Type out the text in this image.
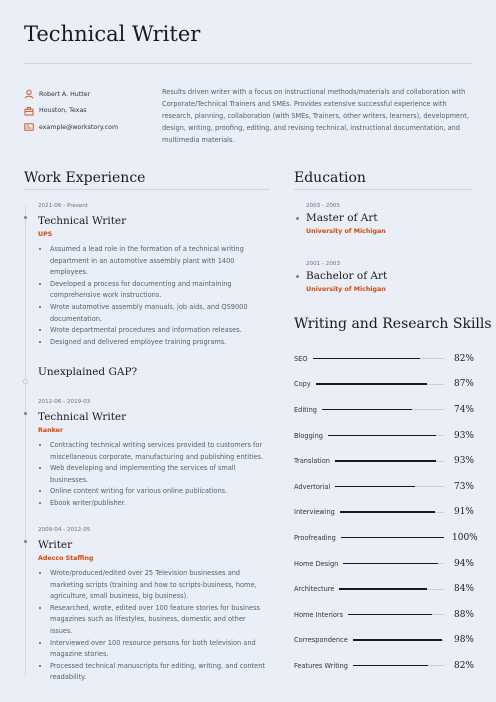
Technical Writer
Robert A. Hutter
Houston, Texas
example@workstory.com
Results driven writer with a focus on instructional methods/materials and collaboration with Corporate/Technical Trainers and SMEs. Provides extensive successful experience with research, planning, collaboration (with SMEs, Trainers, other writers, learners), development, design, writing, proofing, editing, and revising technical, instructional documentation, and multimedia materials.
Work Experience
2021-06 - Present
Technical Writer
UPS
• Assumed a lead role in the formation of a technical writing department in an automotive assembly plant with 1400 employees.
• Developed a process for documenting and maintaining comprehensive work instructions.
• Wrote automotive assembly manuals, job aids, and QS9000 documentation.
• Wrote departmental procedures and information releases.
• Designed and delivered employee training programs.
Unexplained GAP?
2012-06 - 2019-03
Technical Writer
Ranker
• Contracting technical writing services provided to customers for miscellaneous corporate, manufacturing and publishing entities.
• Web developing and implementing the services of small businesses.
• Online content writing for various online publications.
• Ebook writer/publisher.
2009-04 - 2012-05
Writer
Adecco Staffing
• Wrote/produced/edited over 25 Television businesses and marketing scripts (training and how to scripts-business, home, agriculture, small business, big business).
• Researched, wrote, edited over 100 feature stories for business magazines such as lifestyles, business, domestic and other issues.
• Interviewed over 100 resource persons for both television and magazine stories.
• Processed technical manuscripts for editing, writing, and content readability.
Education
2003 - 2005
Master of Art
University of Michigan
2001 - 2003
Bachelor of Art
University of Michigan
Writing and Research Skills
SEO	82%
Copy	87%
Editing	74%
Blogging	93%
Translation	93%
Advertorial	73%
Interviewing	91%
Proofreading	100%
Home Design	94%
Architecture	84%
Home Interiors	88%
Correspondence	98%
Features Writing	82%
